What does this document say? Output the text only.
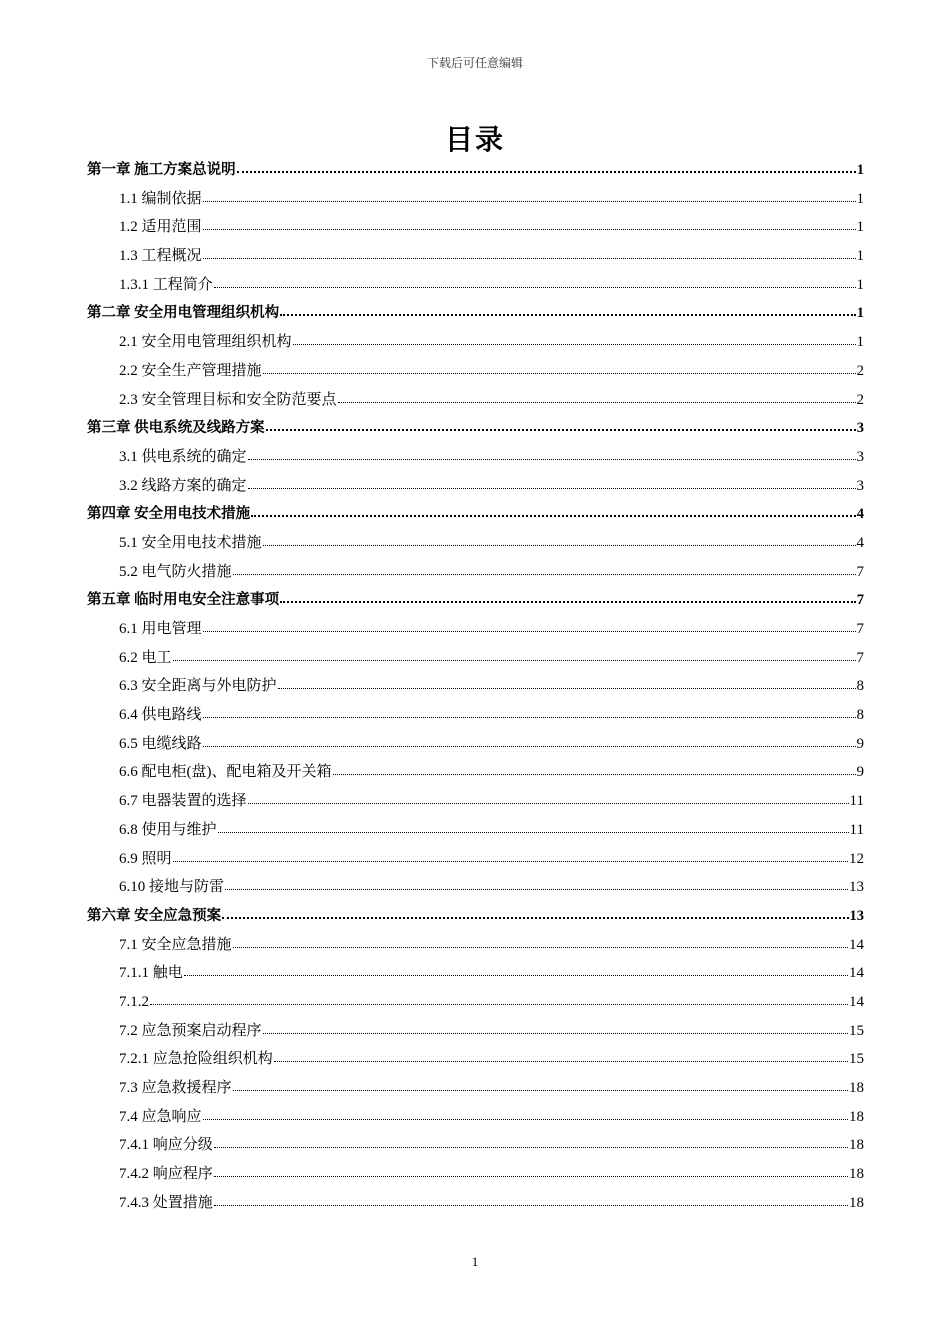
下载后可任意编辑
目录
第一章 施工方案总说明	1
1.1 编制依据	1
1.2 适用范围	1
1.3 工程概况	1
1.3.1 工程简介	1
第二章 安全用电管理组织机构	1
2.1 安全用电管理组织机构	1
2.2 安全生产管理措施	2
2.3 安全管理目标和安全防范要点	2
第三章 供电系统及线路方案	3
3.1 供电系统的确定	3
3.2 线路方案的确定	3
第四章 安全用电技术措施	4
5.1 安全用电技术措施	4
5.2 电气防火措施	7
第五章 临时用电安全注意事项	7
6.1 用电管理	7
6.2 电工	7
6.3 安全距离与外电防护	8
6.4 供电路线	8
6.5 电缆线路	9
6.6 配电柜(盘)、配电箱及开关箱	9
6.7 电器装置的选择	11
6.8 使用与维护	11
6.9 照明	12
6.10 接地与防雷	13
第六章 安全应急预案	13
7.1 安全应急措施	14
7.1.1 触电	14
7.1.2	14
7.2 应急预案启动程序	15
7.2.1 应急抢险组织机构	15
7.3 应急救援程序	18
7.4 应急响应	18
7.4.1 响应分级	18
7.4.2 响应程序	18
7.4.3 处置措施	18
1
